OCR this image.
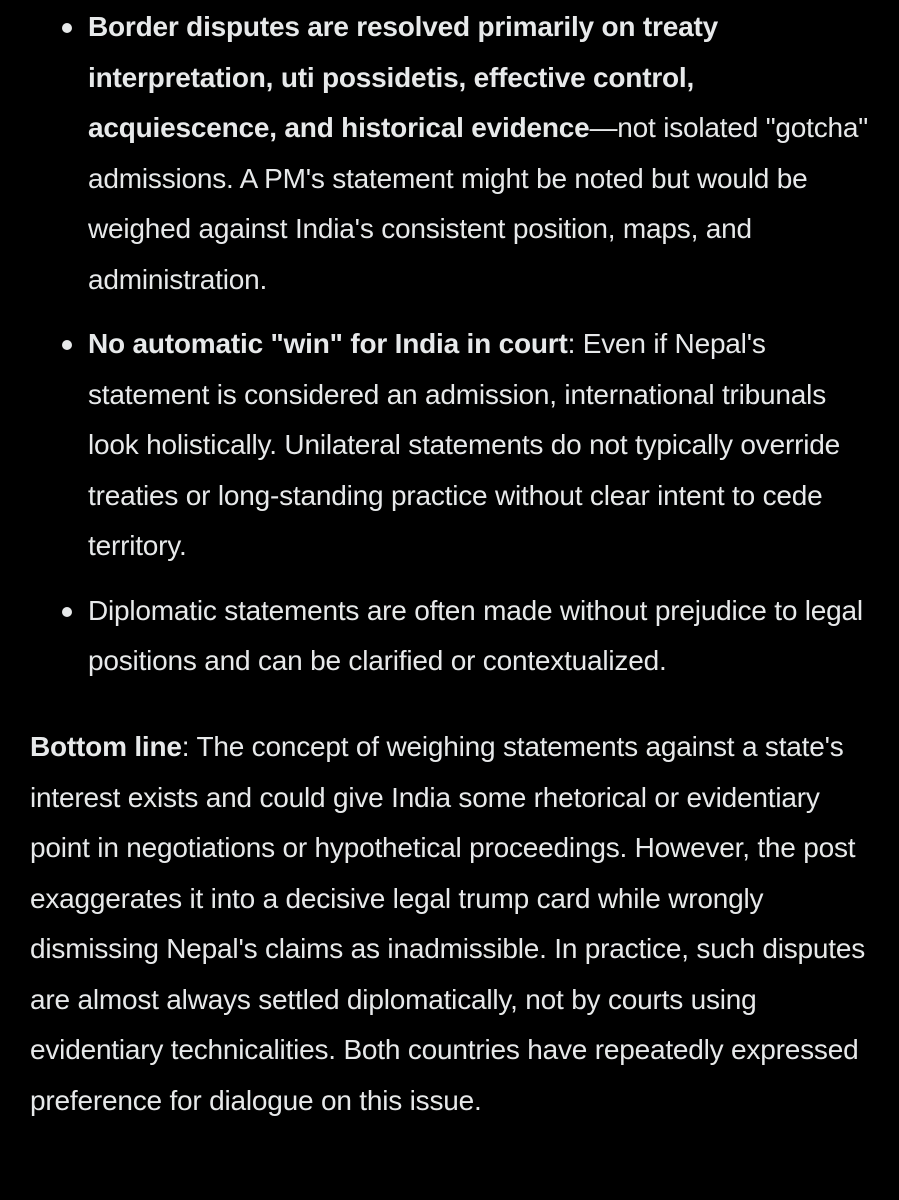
Border disputes are resolved primarily on treaty interpretation, uti possidetis, effective control, acquiescence, and historical evidence—not isolated "gotcha" admissions. A PM's statement might be noted but would be weighed against India's consistent position, maps, and administration.
No automatic "win" for India in court: Even if Nepal's statement is considered an admission, international tribunals look holistically. Unilateral statements do not typically override treaties or long-standing practice without clear intent to cede territory.
Diplomatic statements are often made without prejudice to legal positions and can be clarified or contextualized.

Bottom line: The concept of weighing statements against a state's interest exists and could give India some rhetorical or evidentiary point in negotiations or hypothetical proceedings. However, the post exaggerates it into a decisive legal trump card while wrongly dismissing Nepal's claims as inadmissible. In practice, such disputes are almost always settled diplomatically, not by courts using evidentiary technicalities. Both countries have repeatedly expressed preference for dialogue on this issue.
